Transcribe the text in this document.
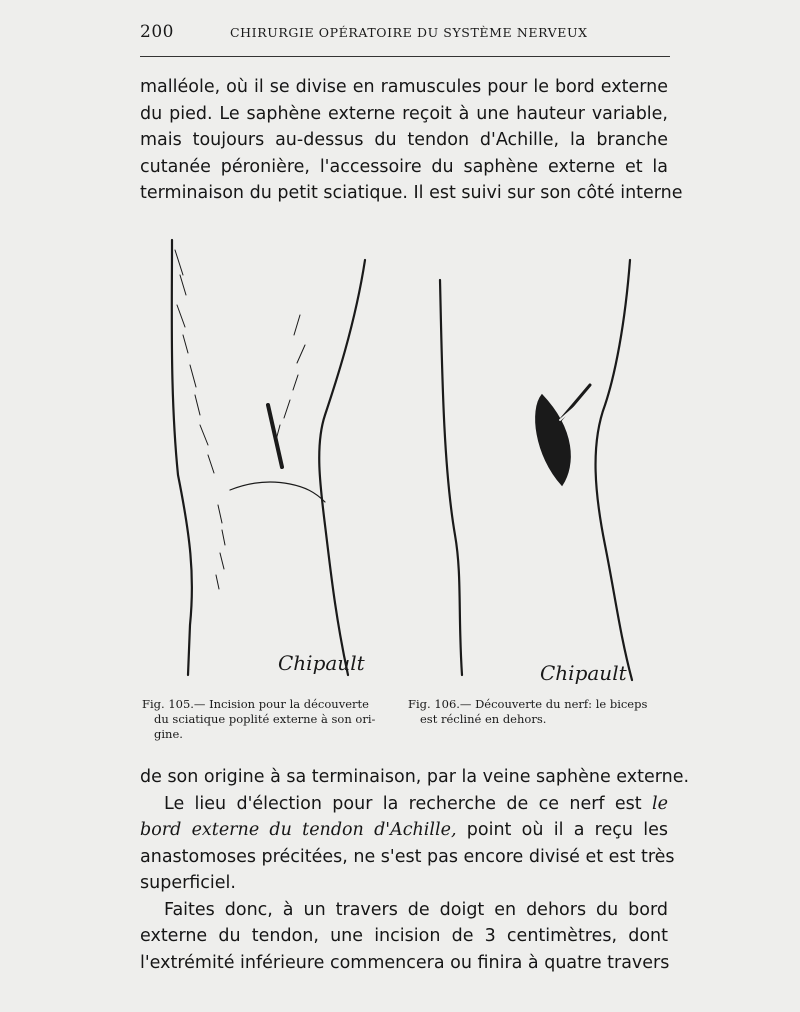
200	CHIRURGIE OPÉRATOIRE DU SYSTÈME NERVEUX
malléole, où il se divise en ramuscules pour le bord externe
du pied. Le saphène externe reçoit à une hauteur variable,
mais toujours au-dessus du tendon d'Achille, la branche
cutanée péronière, l'accessoire du saphène externe et la
terminaison du petit sciatique. Il est suivi sur son côté interne
Chipault	Chipault
Fig. 105.— Incision pour la découverte
du sciatique poplité externe à son ori-
gine.
Fig. 106.— Découverte du nerf: le biceps
est récliné en dehors.
de son origine à sa terminaison, par la veine saphène externe.
Le lieu d'élection pour la recherche de ce nerf est le
bord externe du tendon d'Achille, point où il a reçu les
anastomoses précitées, ne s'est pas encore divisé et est très
superficiel.
Faites donc, à un travers de doigt en dehors du bord
externe du tendon, une incision de 3 centimètres, dont
l'extrémité inférieure commencera ou finira à quatre travers
